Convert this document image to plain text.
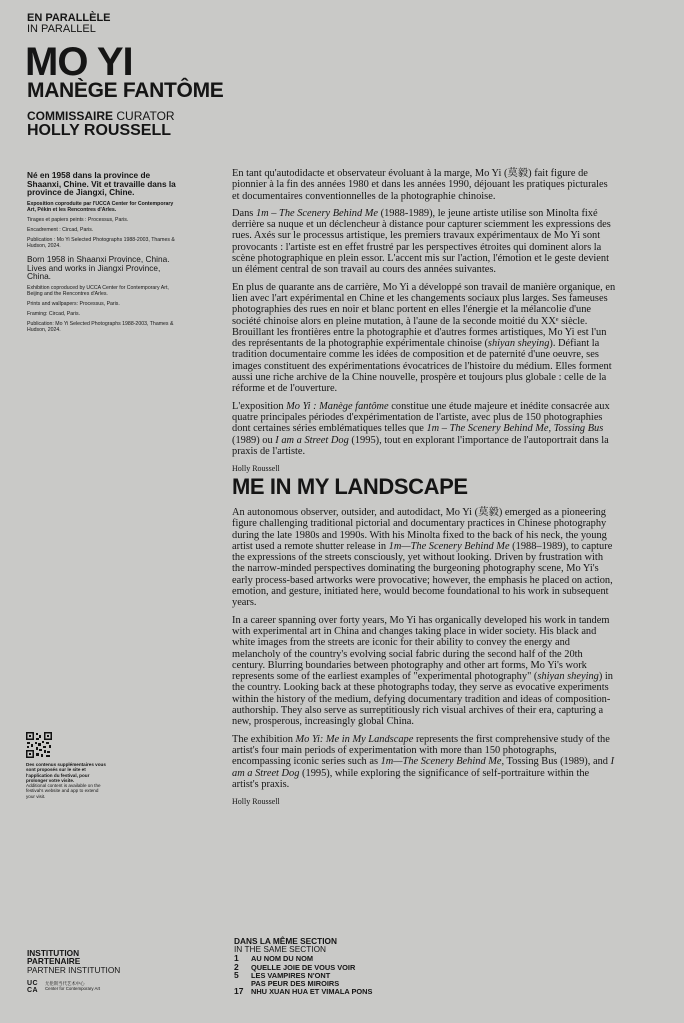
EN PARALLÈLE
IN PARALLEL
MO YI
MANÈGE FANTÔME
COMMISSAIRE CURATOR
HOLLY ROUSSELL

Né en 1958 dans la province de Shaanxi, Chine. Vit et travaille dans la province de Jiangxi, Chine.

Exposition coproduite par l'UCCA Center for Contemporary Art, Pékin et les Rencontres d'Arles.

Tirages et papiers peints : Processus, Paris.

Encadrement : Circad, Paris.

Publication : Mo Yi Selected Photographs 1988-2003, Thames & Hudson, 2024.

Born 1958 in Shaanxi Province, China. Lives and works in Jiangxi Province, China.

Exhibition coproduced by UCCA Center for Contemporary Art, Beijing and the Rencontres d'Arles.

Prints and wallpapers: Processus, Paris.

Framing: Circad, Paris.

Publication: Mo Yi Selected Photographs 1988-2003, Thames & Hudson, 2024.

En tant qu'autodidacte et observateur évoluant à la marge, Mo Yi (莫毅) fait figure de pionnier à la fin des années 1980 et dans les années 1990, déjouant les pratiques picturales et documentaires conventionnelles de la photographie chinoise.

Dans 1m – The Scenery Behind Me (1988-1989), le jeune artiste utilise son Minolta fixé derrière sa nuque et un déclencheur à distance pour capturer sciemment les expressions des rues. Axés sur le processus artistique, les premiers travaux expérimentaux de Mo Yi sont provocants : l'artiste est en effet frustré par les perspectives étroites qui dominent alors la scène photographique en plein essor. L'accent mis sur l'action, l'émotion et le geste devient un élément central de son travail au cours des années suivantes.

En plus de quarante ans de carrière, Mo Yi a développé son travail de manière organique, en lien avec l'art expérimental en Chine et les changements sociaux plus larges. Ses fameuses photographies des rues en noir et blanc portent en elles l'énergie et la mélancolie d'une société chinoise alors en pleine mutation, à l'aune de la seconde moitié du XXᵉ siècle. Brouillant les frontières entre la photographie et d'autres formes artistiques, Mo Yi est l'un des représentants de la photographie expérimentale chinoise (shiyan sheying). Défiant la tradition documentaire comme les idées de composition et de paternité d'une oeuvre, ses images constituent des expérimentations évocatrices de l'histoire du médium. Elles forment aussi une riche archive de la Chine nouvelle, prospère et toujours plus globale : celle de la réforme et de l'ouverture.

L'exposition Mo Yi : Manège fantôme constitue une étude majeure et inédite consacrée aux quatre principales périodes d'expérimentation de l'artiste, avec plus de 150 photographies dont certaines séries emblématiques telles que 1m – The Scenery Behind Me, Tossing Bus (1989) ou I am a Street Dog (1995), tout en explorant l'importance de l'autoportrait dans la praxis de l'artiste.

Holly Roussell
ME IN MY LANDSCAPE

An autonomous observer, outsider, and autodidact, Mo Yi (莫毅) emerged as a pioneering figure challenging traditional pictorial and documentary practices in Chinese photography during the late 1980s and 1990s. With his Minolta fixed to the back of his neck, the young artist used a remote shutter release in 1m—The Scenery Behind Me (1988–1989), to capture the expressions of the streets consciously, yet without looking. Driven by frustration with the narrow-minded perspectives dominating the burgeoning photography scene, Mo Yi's early process-based artworks were provocative; however, the emphasis he placed on action, emotion, and gesture, initiated here, would become foundational to his work in subsequent years.

In a career spanning over forty years, Mo Yi has organically developed his work in tandem with experimental art in China and changes taking place in wider society. His black and white images from the streets are iconic for their ability to convey the energy and melancholy of the country's evolving social fabric during the second half of the 20th century. Blurring boundaries between photography and other art forms, Mo Yi's work represents some of the earliest examples of "experimental photography" (shiyan sheying) in the country. Looking back at these photographs today, they serve as evocative experiments within the history of the medium, defying documentary tradition and ideas of composition-authorship. They also serve as surreptitiously rich visual archives of their era, capturing a new, prosperous, increasingly global China.

The exhibition Mo Yi: Me in My Landscape represents the first comprehensive study of the artist's four main periods of experimentation with more than 150 photographs, encompassing iconic series such as 1m—The Scenery Behind Me, Tossing Bus (1989), and I am a Street Dog (1995), while exploring the significance of self-portraiture within the artist's praxis.

Holly Roussell
Des contenus supplémentaires vous sont proposés sur le site et l'application du festival, pour prolonger votre visite.
Additional content is available on the festival's website and app to extend your visit.
INSTITUTION
PARTENAIRE
PARTNER INSTITUTION
UCCA
尤伦斯当代艺术中心
Center for Contemporary Art
DANS LA MÊME SECTION
IN THE SAME SECTION
1	AU NOM DU NOM
2	QUELLE JOIE DE VOUS VOIR
5	LES VAMPIRES N'ONT PAS PEUR DES MIROIRS
17	NHU XUAN HUA ET VIMALA PONS
